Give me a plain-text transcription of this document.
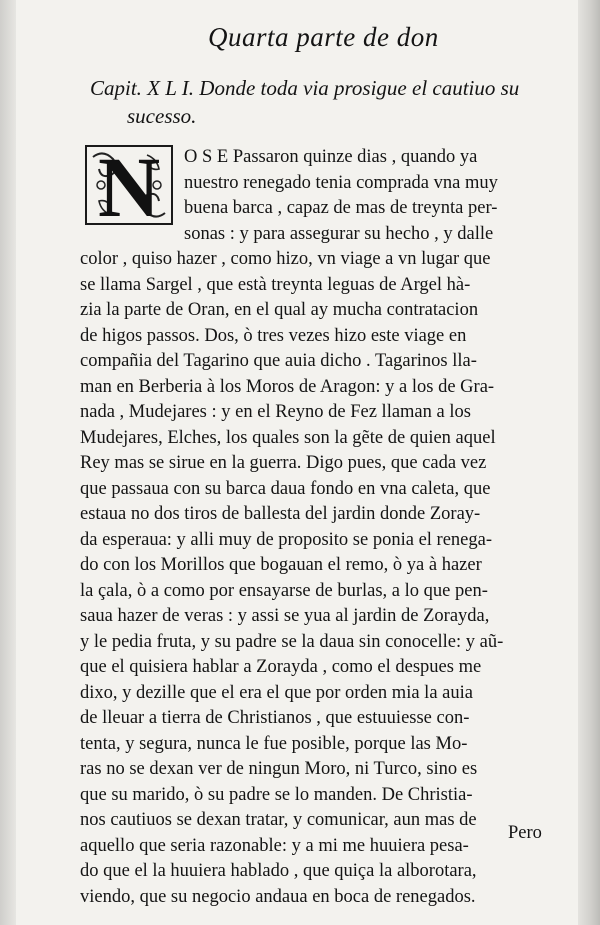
Quarta parte de don
Capit. X L I. Donde toda via prosigue el cautiuo su
sucesso.
O S E Passaron quinze dias , quando ya
nuestro renegado tenia comprada vna muy
buena barca , capaz de mas de treynta per-
sonas : y para assegurar su hecho , y dalle
color , quiso hazer , como hizo, vn viage a vn lugar que
se llama Sargel , que està treynta leguas de Argel hà-
zia la parte de Oran, en el qual ay mucha contratacion
de higos passos. Dos, ò tres vezes hizo este viage en
compañia del Tagarino que auia dicho . Tagarinos lla-
man en Berberia à los Moros de Aragon: y a los de Gra-
nada , Mudejares : y en el Reyno de Fez llaman a los
Mudejares, Elches, los quales son la gẽte de quien aquel
Rey mas se sirue en la guerra. Digo pues, que cada vez
que passaua con su barca daua fondo en vna caleta, que
estaua no dos tiros de ballesta del jardin donde Zoray-
da esperaua: y alli muy de proposito se ponia el renega-
do con los Morillos que bogauan el remo, ò ya à hazer
la çala, ò a como por ensayarse de burlas, a lo que pen-
saua hazer de veras : y assi se yua al jardin de Zorayda,
y le pedia fruta, y su padre se la daua sin conocelle: y aũ-
que el quisiera hablar a Zorayda , como el despues me
dixo, y dezille que el era el que por orden mia la auia
de lleuar a tierra de Christianos , que estuuiesse con-
tenta, y segura, nunca le fue posible, porque las Mo-
ras no se dexan ver de ningun Moro, ni Turco, sino es
que su marido, ò su padre se lo manden. De Christia-
nos cautiuos se dexan tratar, y comunicar, aun mas de
aquello que seria razonable: y a mi me huuiera pesa-
do que el la huuiera hablado , que quiça la alborotara,
viendo, que su negocio andaua en boca de renegados.
N
Pero
